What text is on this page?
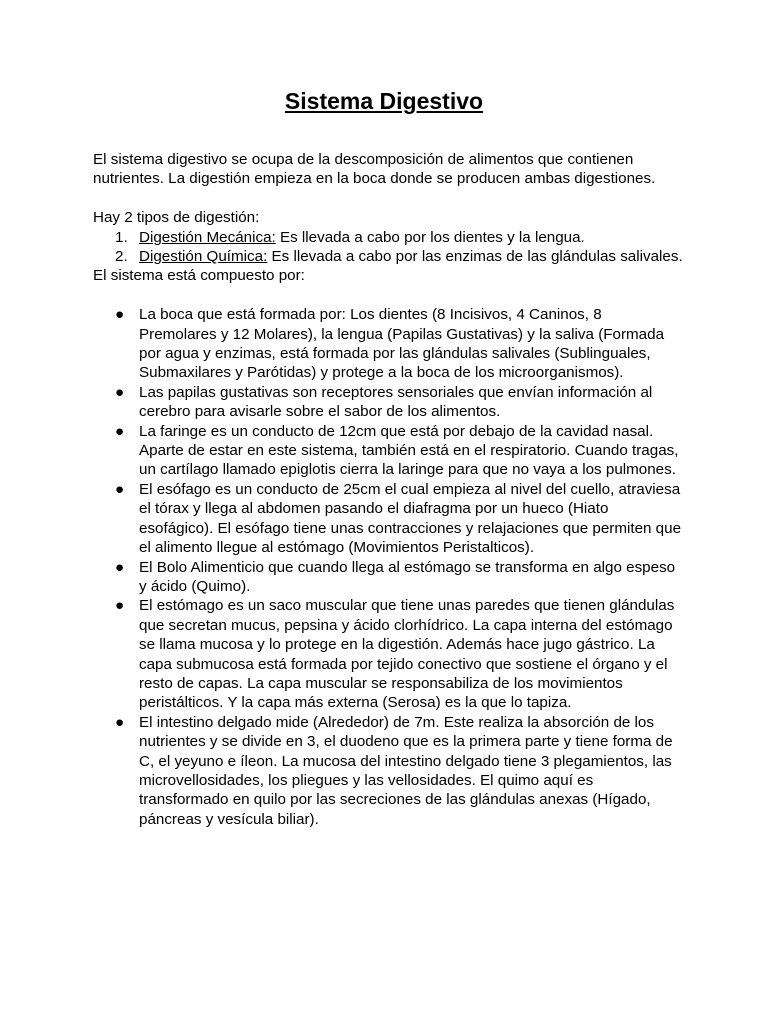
Sistema Digestivo

El sistema digestivo se ocupa de la descomposición de alimentos que contienen nutrientes. La digestión empieza en la boca donde se producen ambas digestiones.

Hay 2 tipos de digestión:

1. Digestión Mecánica: Es llevada a cabo por los dientes y la lengua.
2. Digestión Química: Es llevada a cabo por las enzimas de las glándulas salivales.

El sistema está compuesto por:

● La boca que está formada por: Los dientes (8 Incisivos, 4 Caninos, 8 Premolares y 12 Molares), la lengua (Papilas Gustativas) y la saliva (Formada por agua y enzimas, está formada por las glándulas salivales (Sublinguales, Submaxilares y Parótidas) y protege a la boca de los microorganismos).
● Las papilas gustativas son receptores sensoriales que envían información al cerebro para avisarle sobre el sabor de los alimentos.
● La faringe es un conducto de 12cm que está por debajo de la cavidad nasal. Aparte de estar en este sistema, también está en el respiratorio. Cuando tragas, un cartílago llamado epiglotis cierra la laringe para que no vaya a los pulmones.
● El esófago es un conducto de 25cm el cual empieza al nivel del cuello, atraviesa el tórax y llega al abdomen pasando el diafragma por un hueco (Hiato esofágico). El esófago tiene unas contracciones y relajaciones que permiten que el alimento llegue al estómago (Movimientos Peristalticos).
● El Bolo Alimenticio que cuando llega al estómago se transforma en algo espeso y ácido (Quimo).
● El estómago es un saco muscular que tiene unas paredes que tienen glándulas que secretan mucus, pepsina y ácido clorhídrico. La capa interna del estómago se llama mucosa y lo protege en la digestión. Además hace jugo gástrico. La capa submucosa está formada por tejido conectivo que sostiene el órgano y el resto de capas. La capa muscular se responsabiliza de los movimientos peristálticos. Y la capa más externa (Serosa) es la que lo tapiza.
● El intestino delgado mide (Alrededor) de 7m. Este realiza la absorción de los nutrientes y se divide en 3, el duodeno que es la primera parte y tiene forma de C, el yeyuno e íleon. La mucosa del intestino delgado tiene 3 plegamientos, las microvellosidades, los pliegues y las vellosidades. El quimo aquí es transformado en quilo por las secreciones de las glándulas anexas (Hígado, páncreas y vesícula biliar).
